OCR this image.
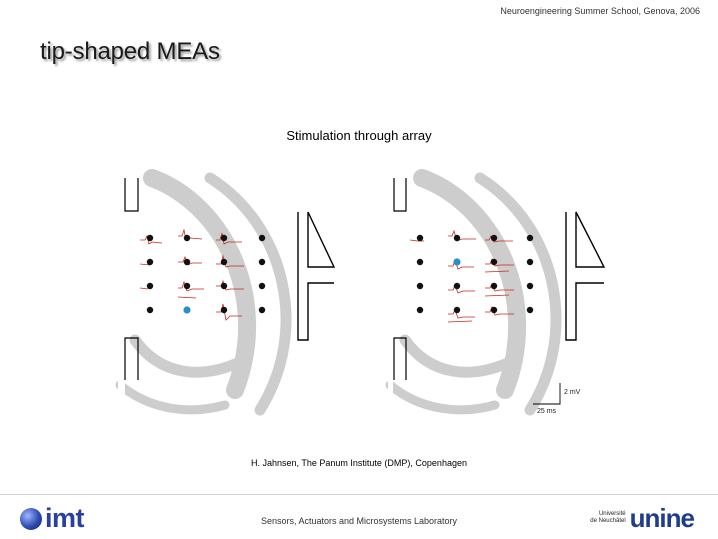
Neuroengineering Summer School, Genova, 2006
tip-shaped MEAs
Stimulation through array
2 mV
25 ms
H. Jahnsen, The Panum Institute (DMP), Copenhagen
imt	Sensors, Actuators and Microsystems Laboratory
Université
de Neuchâtel unine
